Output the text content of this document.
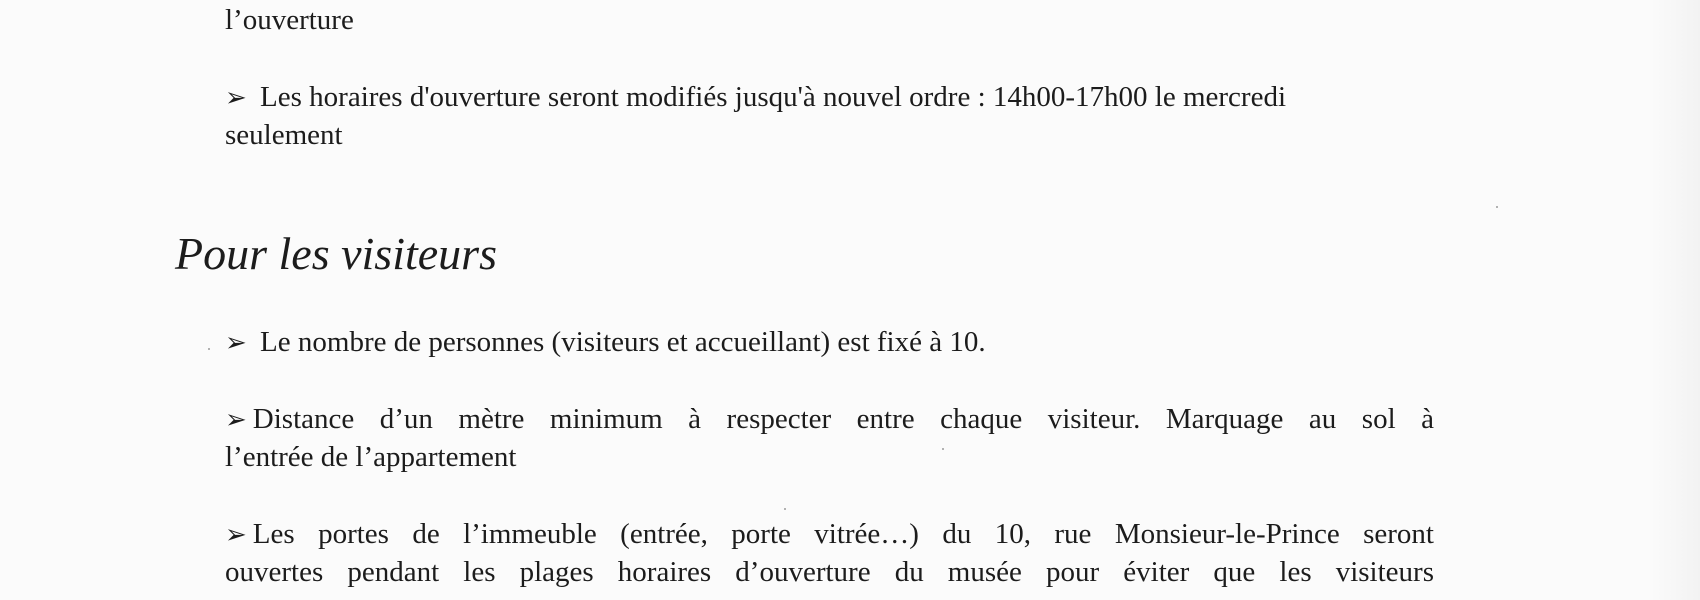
l’ouverture
➢ Les horaires d'ouverture seront modifiés jusqu'à nouvel ordre : 14h00-17h00 le mercredi
seulement
Pour les visiteurs
➢ Le nombre de personnes (visiteurs et accueillant) est fixé à 10.
➢ Distance d’un mètre minimum à respecter entre chaque visiteur. Marquage au sol à
l’entrée de l’appartement
➢ Les portes de l’immeuble (entrée, porte vitrée…) du 10, rue Monsieur-le-Prince seront
ouvertes pendant les plages horaires d’ouverture du musée pour éviter que les visiteurs
